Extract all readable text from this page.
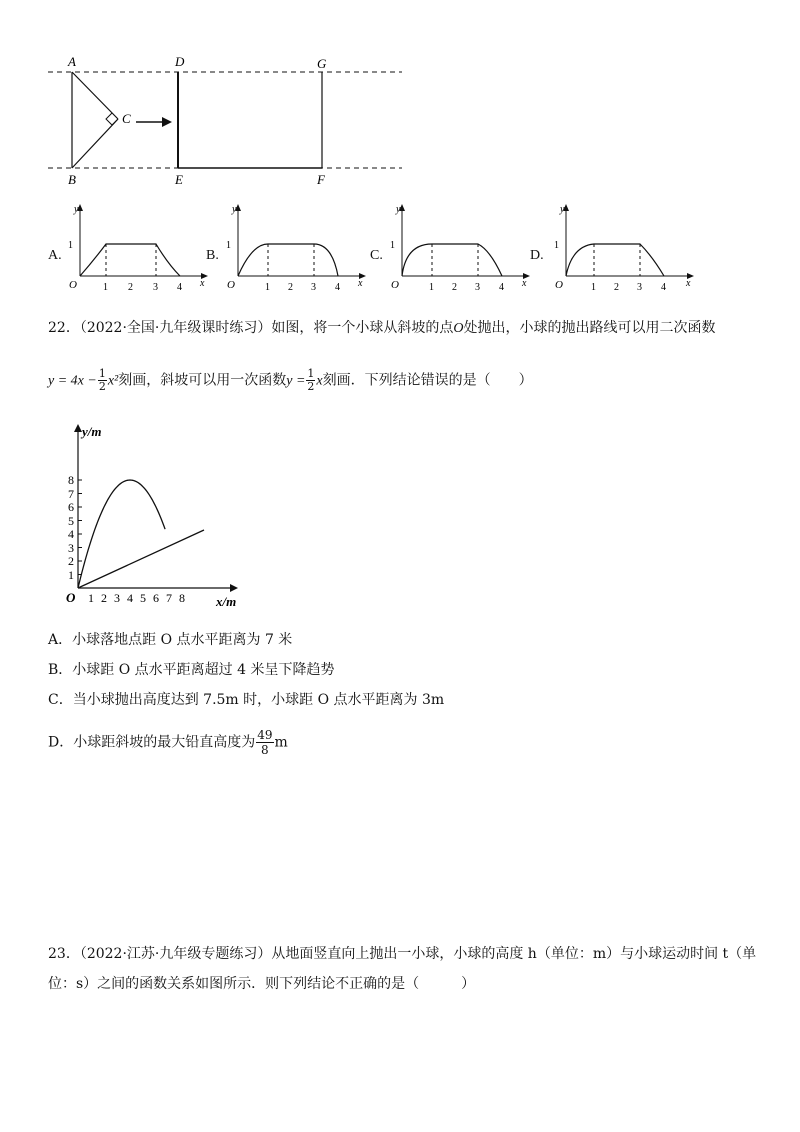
A
B
C
D
E	F
G
A.
y
1
O	1 2 3 4 x
B.
y
1
O	1 2 3 4 x
C.
y
1
O	1 2 3 4 x
D.
y
1
O	1 2 3 4 x
22．（2022·全国·九年级课时练习）如图，将一个小球从斜坡的点O处抛出，小球的抛出路线可以用二次函数
$y = 4x - \frac{1}{2} x^2$刻画，斜坡可以用一次函数$y = \frac{1}{2}$ x刻画．下列结论错误的是（　　）
y/m
x/m
O
1
2
3
4
5
6
7
8
1 2 3 4 5 6 7 8
A．小球落地点距 O 点水平距离为 7 米
B．小球距 O 点水平距离超过 4 米呈下降趋势
C．当小球抛出高度达到 7.5m 时，小球距 O 点水平距离为 3m
D．小球距斜坡的最大铅直高度为 $\frac{49}{8}$ m
23．（2022·江苏·九年级专题练习）从地面竖直向上抛出一小球，小球的高度 h（单位：m）与小球运动时间 t（单
位：s）之间的函数关系如图所示．则下列结论不正确的是（　　　）
